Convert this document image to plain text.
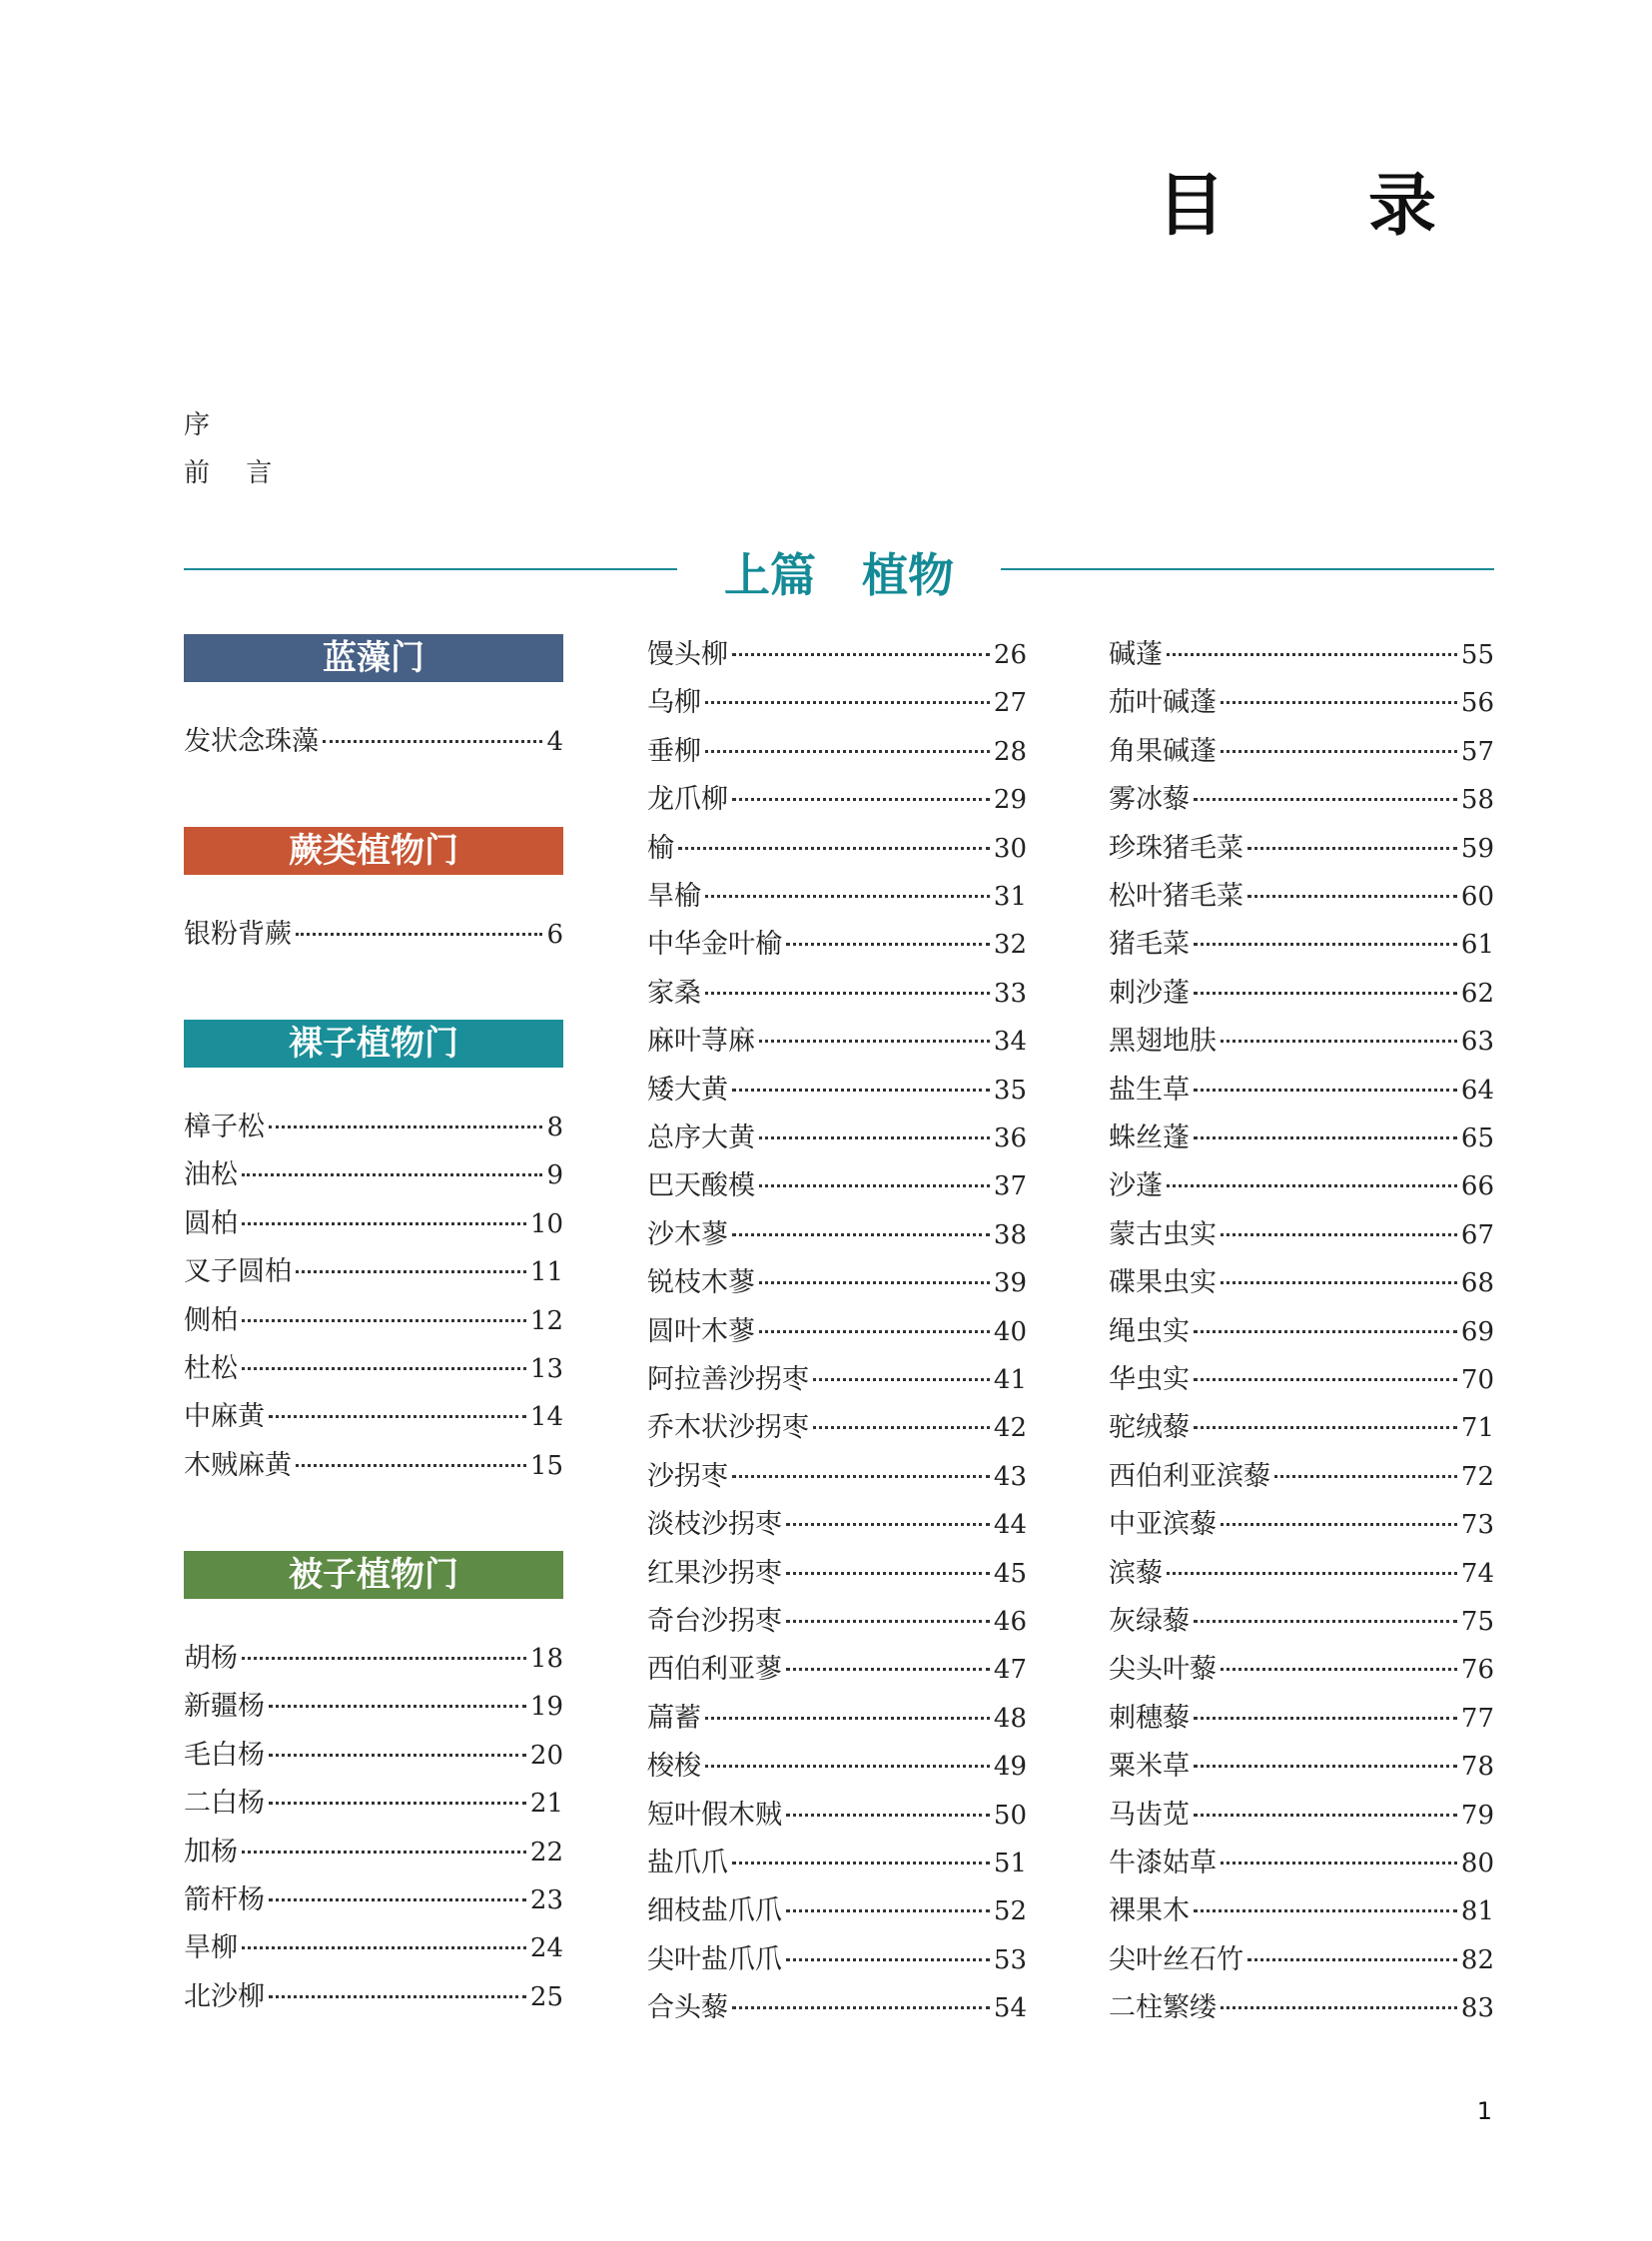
目 录
序
前 言
上篇　植物
蓝藻门
发状念珠藻	4
蕨类植物门
银粉背蕨	6
裸子植物门
樟子松	8
油松	9
圆柏	10
叉子圆柏	11
侧柏	12
杜松	13
中麻黄	14
木贼麻黄	15
被子植物门
胡杨	18
新疆杨	19
毛白杨	20
二白杨	21
加杨	22
箭杆杨	23
旱柳	24
北沙柳	25
馒头柳	26
乌柳	27
垂柳	28
龙爪柳	29
榆	30
旱榆	31
中华金叶榆	32
家桑	33
麻叶荨麻	34
矮大黄	35
总序大黄	36
巴天酸模	37
沙木蓼	38
锐枝木蓼	39
圆叶木蓼	40
阿拉善沙拐枣	41
乔木状沙拐枣	42
沙拐枣	43
淡枝沙拐枣	44
红果沙拐枣	45
奇台沙拐枣	46
西伯利亚蓼	47
萹蓄	48
梭梭	49
短叶假木贼	50
盐爪爪	51
细枝盐爪爪	52
尖叶盐爪爪	53
合头藜	54
碱蓬	55
茄叶碱蓬	56
角果碱蓬	57
雾冰藜	58
珍珠猪毛菜	59
松叶猪毛菜	60
猪毛菜	61
刺沙蓬	62
黑翅地肤	63
盐生草	64
蛛丝蓬	65
沙蓬	66
蒙古虫实	67
碟果虫实	68
绳虫实	69
华虫实	70
驼绒藜	71
西伯利亚滨藜	72
中亚滨藜	73
滨藜	74
灰绿藜	75
尖头叶藜	76
刺穗藜	77
粟米草	78
马齿苋	79
牛漆姑草	80
裸果木	81
尖叶丝石竹	82
二柱繁缕	83
1
